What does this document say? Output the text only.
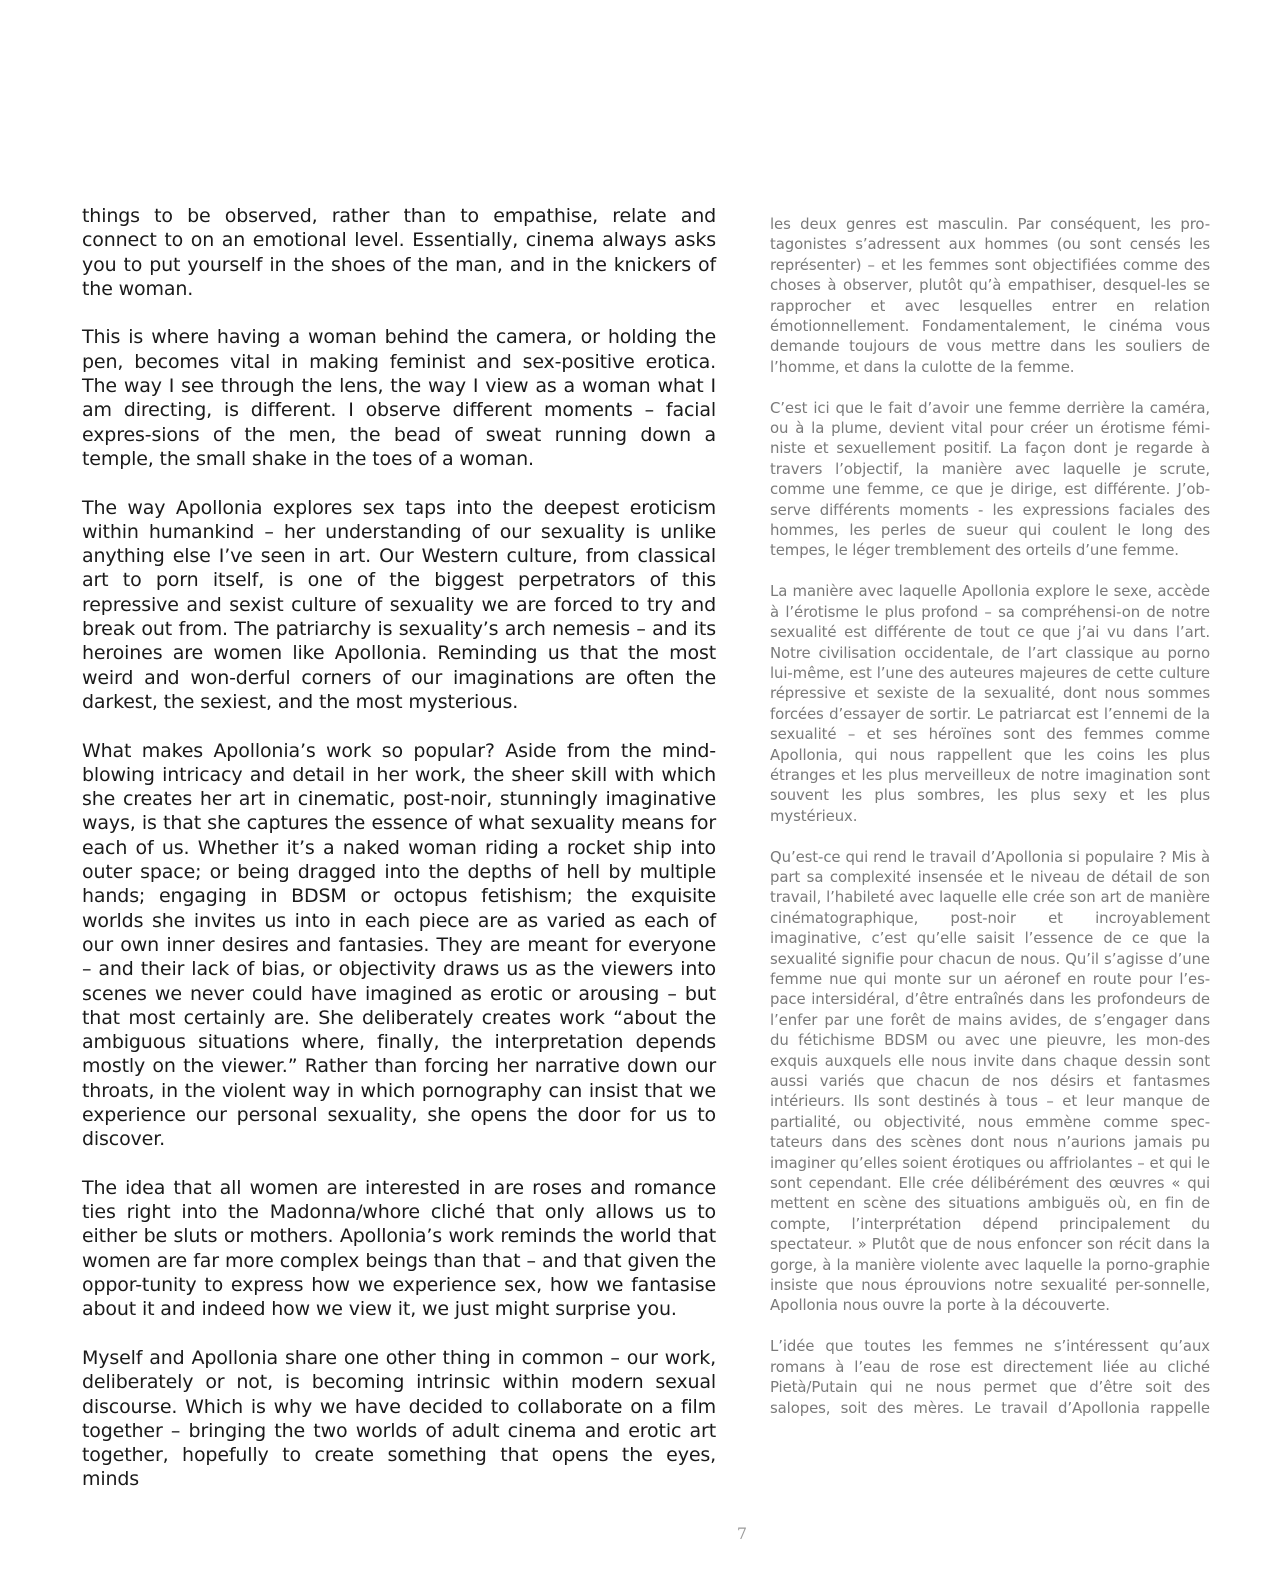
things to be observed, rather than to empathise, relate and connect to on an emotional level. Essentially, cinema always asks you to put yourself in the shoes of the man, and in the knickers of the woman.

This is where having a woman behind the camera, or holding the pen, becomes vital in making feminist and sex-positive erotica. The way I see through the lens, the way I view as a woman what I am directing, is different. I observe different moments – facial expres-sions of the men, the bead of sweat running down a temple, the small shake in the toes of a woman.

The way Apollonia explores sex taps into the deepest eroticism within humankind – her understanding of our sexuality is unlike anything else I’ve seen in art. Our Western culture, from classical art to porn itself, is one of the biggest perpetrators of this repressive and sexist culture of sexuality we are forced to try and break out from. The patriarchy is sexuality’s arch nemesis – and its heroines are women like Apollonia. Reminding us that the most weird and won-derful corners of our imaginations are often the darkest, the sexiest, and the most mysterious.

What makes Apollonia’s work so popular? Aside from the mind-blowing intricacy and detail in her work, the sheer skill with which she creates her art in cinematic, post-noir, stunningly imaginative ways, is that she captures the essence of what sexuality means for each of us. Whether it’s a naked woman riding a rocket ship into outer space; or being dragged into the depths of hell by multiple hands; engaging in BDSM or octopus fetishism; the exquisite worlds she invites us into in each piece are as varied as each of our own inner desires and fantasies. They are meant for everyone – and their lack of bias, or objectivity draws us as the viewers into scenes we never could have imagined as erotic or arousing – but that most certainly are. She deliberately creates work “about the ambiguous situations where, finally, the interpretation depends mostly on the viewer.” Rather than forcing her narrative down our throats, in the violent way in which pornography can insist that we experience our personal sexuality, she opens the door for us to discover.

The idea that all women are interested in are roses and romance ties right into the Madonna/whore cliché that only allows us to either be sluts or mothers. Apollonia’s work reminds the world that women are far more complex beings than that – and that given the oppor-tunity to express how we experience sex, how we fantasise about it and indeed how we view it, we just might surprise you.

Myself and Apollonia share one other thing in common – our work, deliberately or not, is becoming intrinsic within modern sexual discourse. Which is why we have decided to collaborate on a film together – bringing the two worlds of adult cinema and erotic art together, hopefully to create something that opens the eyes, minds

les deux genres est masculin. Par conséquent, les pro-tagonistes s’adressent aux hommes (ou sont censés les représenter) – et les femmes sont objectifiées comme des choses à observer, plutôt qu’à empathiser, desquel-les se rapprocher et avec lesquelles entrer en relation émotionnellement. Fondamentalement, le cinéma vous demande toujours de vous mettre dans les souliers de l’homme, et dans la culotte de la femme.

C’est ici que le fait d’avoir une femme derrière la caméra, ou à la plume, devient vital pour créer un érotisme fémi-niste et sexuellement positif. La façon dont je regarde à travers l’objectif, la manière avec laquelle je scrute, comme une femme, ce que je dirige, est différente. J’ob-serve différents moments - les expressions faciales des hommes, les perles de sueur qui coulent le long des tempes, le léger tremblement des orteils d’une femme.

La manière avec laquelle Apollonia explore le sexe, accède à l’érotisme le plus profond – sa compréhensi-on de notre sexualité est différente de tout ce que j’ai vu dans l’art. Notre civilisation occidentale, de l’art classique au porno lui-même, est l’une des auteures majeures de cette culture répressive et sexiste de la sexualité, dont nous sommes forcées d’essayer de sortir. Le patriarcat est l’ennemi de la sexualité – et ses héroïnes sont des femmes comme Apollonia, qui nous rappellent que les coins les plus étranges et les plus merveilleux de notre imagination sont souvent les plus sombres, les plus sexy et les plus mystérieux.

Qu’est-ce qui rend le travail d’Apollonia si populaire ? Mis à part sa complexité insensée et le niveau de détail de son travail, l’habileté avec laquelle elle crée son art de manière cinématographique, post-noir et incroyablement imaginative, c’est qu’elle saisit l’essence de ce que la sexualité signifie pour chacun de nous. Qu’il s’agisse d’une femme nue qui monte sur un aéronef en route pour l’es-pace intersidéral, d’être entraînés dans les profondeurs de l’enfer par une forêt de mains avides, de s’engager dans du fétichisme BDSM ou avec une pieuvre, les mon-des exquis auxquels elle nous invite dans chaque dessin sont aussi variés que chacun de nos désirs et fantasmes intérieurs. Ils sont destinés à tous – et leur manque de partialité, ou objectivité, nous emmène comme spec-tateurs dans des scènes dont nous n’aurions jamais pu imaginer qu’elles soient érotiques ou affriolantes – et qui le sont cependant. Elle crée délibérément des œuvres « qui mettent en scène des situations ambiguës où, en fin de compte, l’interprétation dépend principalement du spectateur. » Plutôt que de nous enfoncer son récit dans la gorge, à la manière violente avec laquelle la porno-graphie insiste que nous éprouvions notre sexualité per-sonnelle, Apollonia nous ouvre la porte à la découverte.

L’idée que toutes les femmes ne s’intéressent qu’aux romans à l’eau de rose est directement liée au cliché Pietà/Putain qui ne nous permet que d’être soit des salopes, soit des mères. Le travail d’Apollonia rappelle

7
